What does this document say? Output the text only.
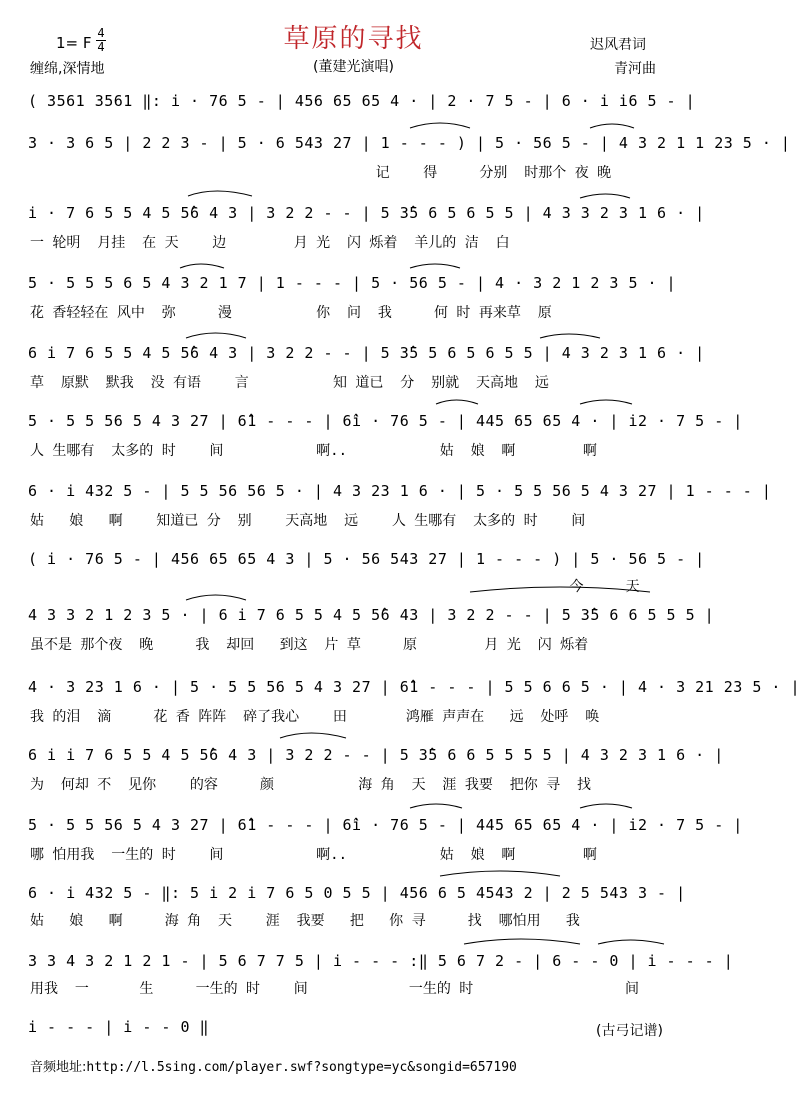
草原的寻找
(董建光演唱)
1= F
4
4
缠绵,深情地
迟风君词
青河曲
( 3561 3561 ‖: i · 76 5 - | 456 65 65 4 · | 2 · 7 5 - | 6 · i i6 5 - |
3 · 3 6 5 | 2 2 3 - | 5 · 6 543 27 | 1 - - - ) | 5 · 56 5 - | 4 3 2 1 1 23 5 · |
记    得     分别  时那个 夜 晚
i · 7 6 5 5 4 5 5̂6 4 3 | 3 2 2 - - | 5 3̂5 6 5 6 5 5 | 4 3 3 2 3 1 6 · |
一 轮明  月挂  在 天    边        月 光  闪 烁着  羊儿的 洁  白
5 · 5 5 5 6 5 4 3 2 1 7 | 1 - - - | 5 · 56 5 - | 4 · 3 2 1 2 3 5 · |
花 香轻轻在 风中  弥     漫          你  问  我     何 时 再来草  原
6 i 7 6 5 5 4 5 5̂6 4 3 | 3 2 2 - - | 5 3̂5 5 6 5 6 5 5 | 4 3 2 3 1 6 · |
草  原默  默我  没 有语    言          知 道已  分  别就  天高地  远
5 · 5 5 56 5 4 3 27 | 6̂1 - - - | 6̂i · 76 5 - | 445 65 65 4 · | i̇2 · 7 5 - |
人 生哪有  太多的 时    间           啊..           姑  娘  啊        啊
6 · i 432 5 - | 5 5 56 56 5 · | 4 3 23 1 6 · | 5 · 5 5 56 5 4 3 27 | 1 - - - |
姑   娘   啊    知道已 分  别    天高地  远    人 生哪有  太多的 时    间
( i · 76 5 - | 456 65 65 4 3 | 5 · 56 543 27 | 1 - - - ) | 5 · 56 5 - |
今     天
4 3 3 2 1 2 3 5 · | 6 i 7 6 5 5 4 5 5̂6 43 | 3 2 2 - - | 5 3̂5 6 6 5 5 5 |
虽不是 那个夜  晚     我  却回   到这  片 草     原        月 光  闪 烁着
4 · 3 23 1 6 · | 5 · 5 5 56 5 4 3 27 | 6̂1 - - - | 5 5 6 6 5 · | 4 · 3 21 23 5 · |
我 的泪  滴     花 香 阵阵  碎了我心    田       鸿雁 声声在   远  处呼  唤
6 i i 7 6 5 5 4 5 5̂6 4 3 | 3 2 2 - - | 5 3̂5 6 6 5 5 5 5 | 4 3 2 3 1 6 · |
为  何却 不  见你    的容     颜          海 角  天  涯 我要  把你 寻  找
5 · 5 5 56 5 4 3 27 | 6̂1 - - - | 6̂i · 76 5 - | 445 65 65 4 · | i̇2 · 7 5 - |
哪 怕用我  一生的 时    间           啊..           姑  娘  啊        啊
6 · i 432 5 - ‖: 5 i 2 i 7 6 5 0 5 5 | 456 6 5 4543 2 | 2 5 543 3 - |
姑   娘   啊     海 角  天    涯  我要   把   你 寻     找  哪怕用   我
3 3 4 3 2 1 2 1 - | 5 6 7 7 5 | i - - - :‖ 5 6 7 2 - | 6 - - 0 | i - - - |
用我  一      生     一生的 时    间            一生的 时                  间
i - - - | i - - 0 ‖	(古弓记谱)
音频地址:http://l.5sing.com/player.swf?songtype=yc&songid=657190
